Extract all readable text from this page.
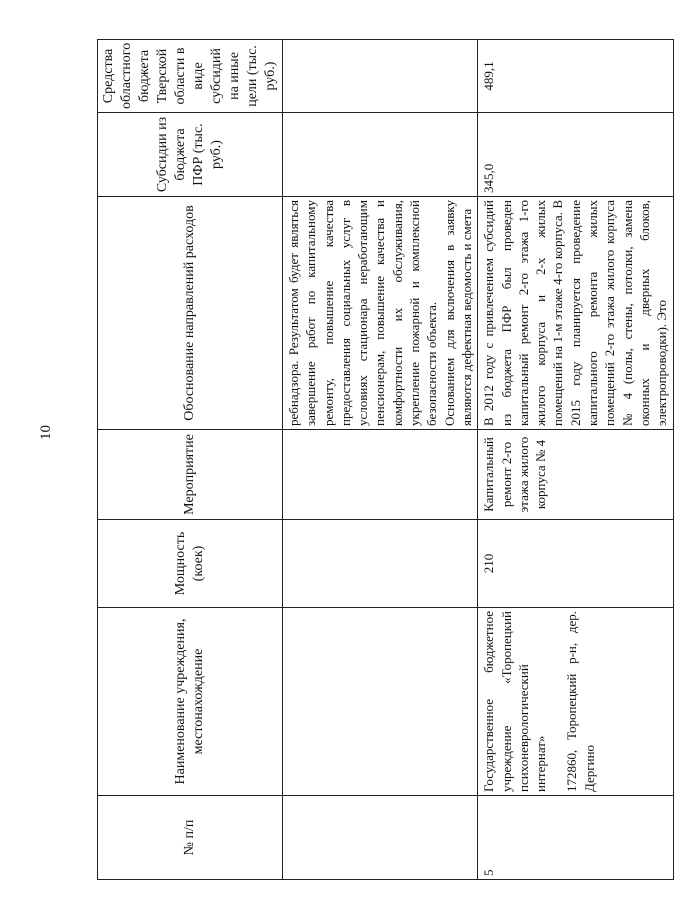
10
№ п/п	Наименование учреждения, местонахождение	Мощность (коек)	Мероприятие	Обоснование направлений расходов	Субсидии из бюджета ПФР (тыс. руб.)	Средства областного бюджета Тверской области в виде субсидий на иные цели (тыс. руб.)

				ребнадзора. Результатом будет являться завершение работ по капитальному ремонту, повышение качества предоставления социальных услуг в условиях стационара неработающим пенсионерам, повышение качества и комфортности их обслуживания, укрепление пожарной и комплексной безопасности объекта. Основанием для включения в заявку являются дефектная ведомость и смета		

5	Государственное бюджетное учреждение «Торопецкий психоневрологический интернат» 172860, Торопецкий р-н, дер. Дергино	210	Капитальный ремонт 2-го этажа жилого корпуса № 4	В 2012 году с привлечением субсидий из бюджета ПФР был проведен капитальный ремонт 2-го этажа 1-го жилого корпуса и 2-х жилых помещений на 1-м этаже 4-го корпуса. В 2015 году планируется проведение капитального ремонта жилых помещений 2-го этажа жилого корпуса № 4 (полы, стены, потолки, замена оконных и дверных блоков, электропроводки). Это	345,0	489,1
